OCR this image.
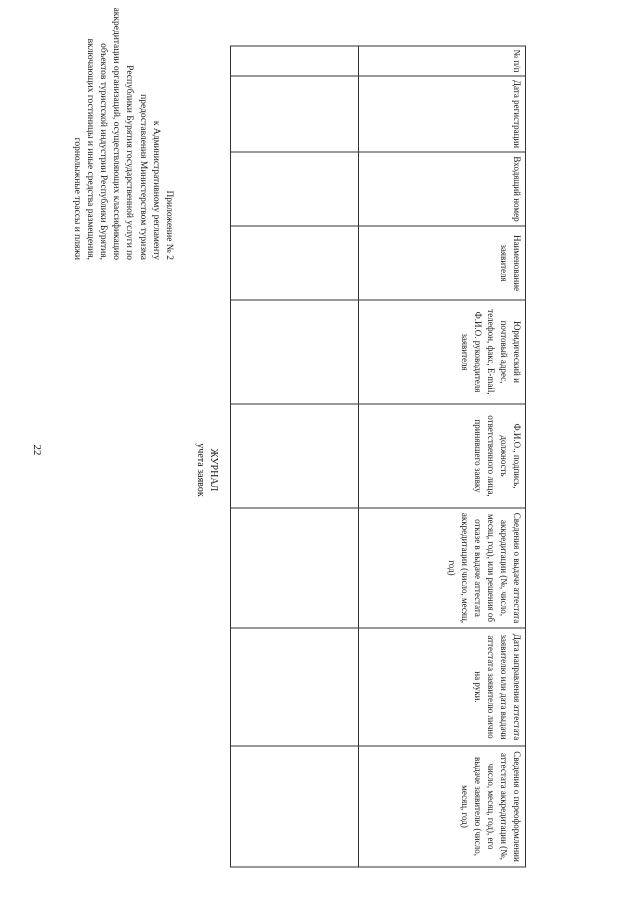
22
Приложение № 2
к Административному регламенту
предоставления Министерством туризма
Республики Бурятия государственной услуги по
аккредитации организаций, осуществляющих классификацию
объектов туристской индустрии Республики Бурятия,
включающих гостиницы и иные средства размещения,
горнолыжные трассы и пляжи
ЖУРНАЛ
учета заявок
№ п/п	Дата регистрации	Входящий номер	Наименование заявителя	Юридический и почтовый адрес, телефон, факс, E-mail, Ф.И.О. руководителя заявителя	Ф.И.О., подпись, должность ответственного лица, принявшего заявку	Сведения о выдаче аттестата аккредитации (№, число, месяц, год), или решения об отказе в выдаче аттестата аккредитации (число, месяц, год)	Дата направления аттестата заявителю или дата выдачи аттестата заявителю лично на руки.	Сведения о переоформлении аттестата аккредитации (№, число, месяц, год), его выдаче заявителю (число, месяц, год)
